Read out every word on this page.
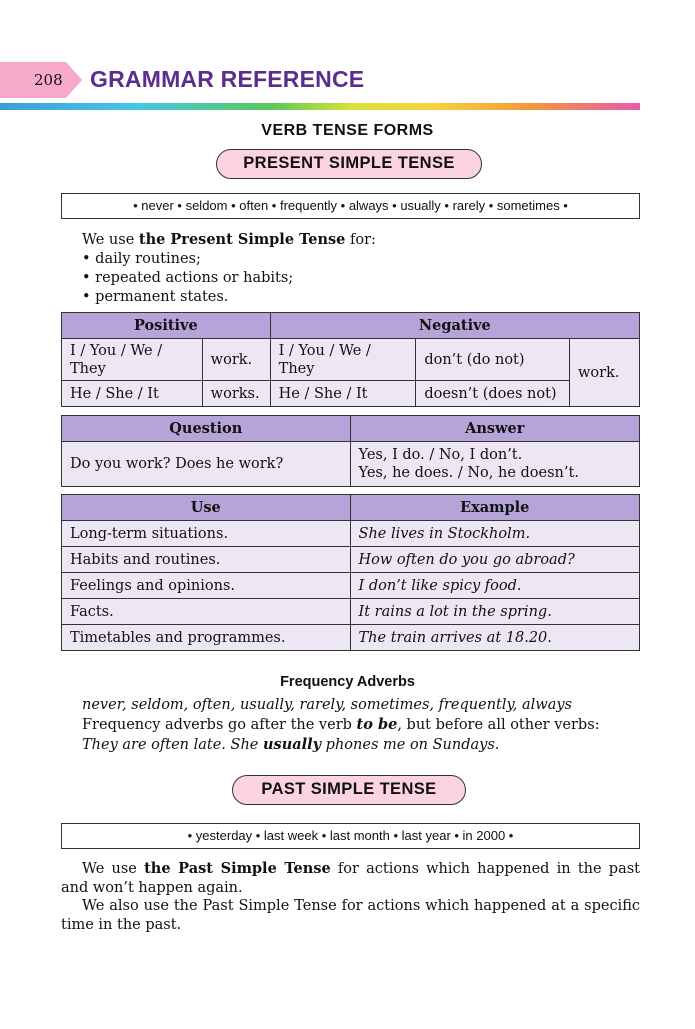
208 GRAMMAR REFERENCE
VERB TENSE FORMS
PRESENT SIMPLE TENSE
• never • seldom • often • frequently • always • usually • rarely • sometimes •
We use the Present Simple Tense for:
• daily routines;
• repeated actions or habits;
• permanent states.
Positive		Negative		
I / You / We / They	work.	I / You / We / They	don’t (do not)	work.
He / She / It	works.	He / She / It	doesn’t (does not)	
Question	Answer
Do you work? Does he work?	Yes, I do. / No, I don’t.
Yes, he does. / No, he doesn’t.
Use	Example
Long-term situations.	She lives in Stockholm.
Habits and routines.	How often do you go abroad?
Feelings and opinions.	I don’t like spicy food.
Facts.	It rains a lot in the spring.
Timetables and programmes.	The train arrives at 18.20.
Frequency Adverbs
never, seldom, often, usually, rarely, sometimes, frequently, always
Frequency adverbs go after the verb to be, but before all other verbs:
They are often late. She usually phones me on Sundays.
PAST SIMPLE TENSE
• yesterday • last week • last month • last year • in 2000 •
We use the Past Simple Tense for actions which happened in the past and won’t happen again.
We also use the Past Simple Tense for actions which happened at a specific time in the past.
